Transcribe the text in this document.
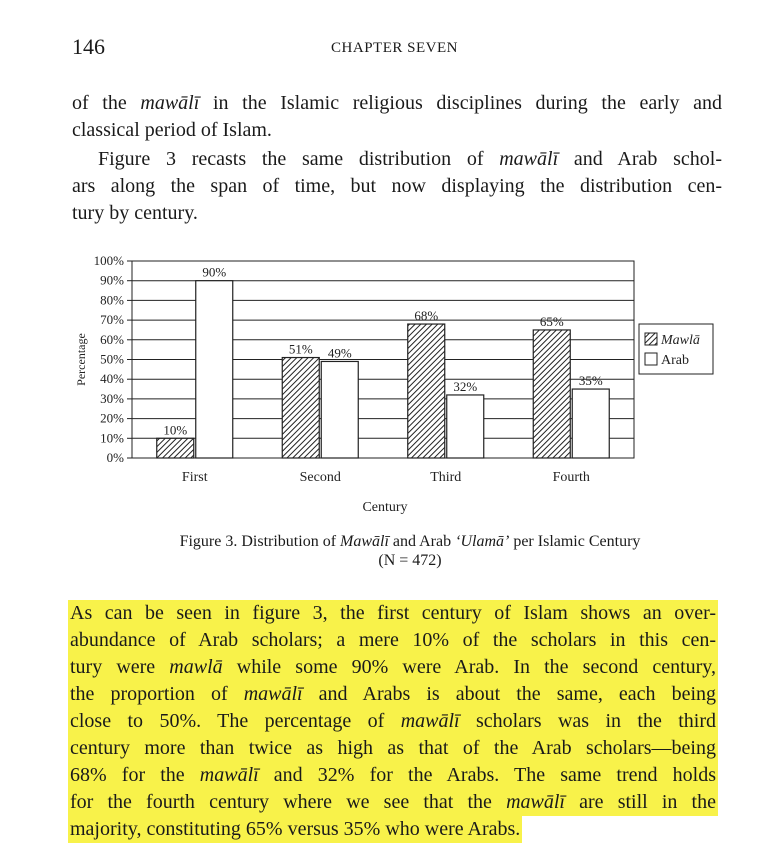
146	CHAPTER SEVEN
of the mawālī in the Islamic religious disciplines during the early and
classical period of Islam.
Figure 3 recasts the same distribution of mawālī and Arab schol-
ars along the span of time, but now displaying the distribution cen-
tury by century.
0%
10%
20%
30%
40%
50%
60%
70%
80%
90%
100%
Percentage
10%
90%
First
51% 49%
Second
68%
32%
Third
65%
35%
Fourth
Century
Mawlā
Arab
Figure 3. Distribution of Mawālī and Arab ‘Ulamā’ per Islamic Century
(N = 472)
As can be seen in figure 3, the first century of Islam shows an over-
abundance of Arab scholars; a mere 10% of the scholars in this cen-
tury were mawlā while some 90% were Arab. In the second century,
the proportion of mawālī and Arabs is about the same, each being
close to 50%. The percentage of mawālī scholars was in the third
century more than twice as high as that of the Arab scholars—being
68% for the mawālī and 32% for the Arabs. The same trend holds
for the fourth century where we see that the mawālī are still in the
majority, constituting 65% versus 35% who were Arabs.
